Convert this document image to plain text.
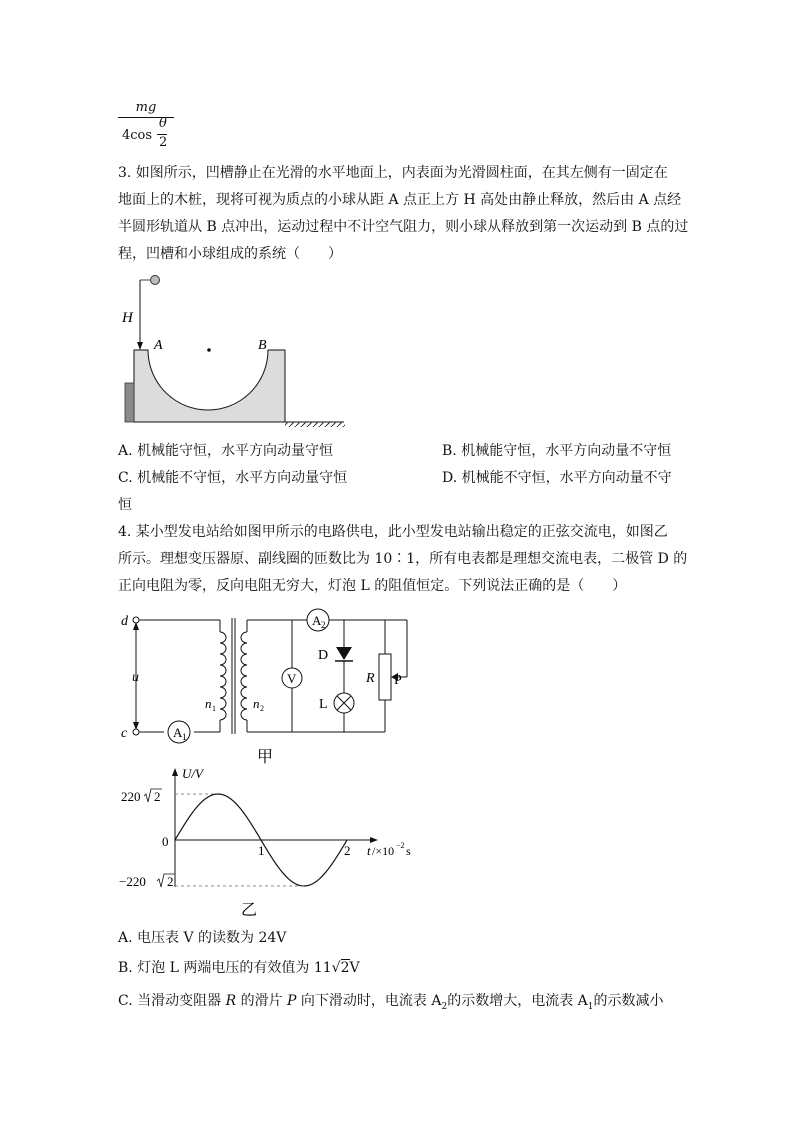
mg
4cos
θ
2
3. 如图所示，凹槽静止在光滑的水平地面上，内表面为光滑圆柱面，在其左侧有一固定在
地面上的木桩，现将可视为质点的小球从距 A 点正上方 H 高处由静止释放，然后由 A 点经
半圆形轨道从 B 点冲出，运动过程中不计空气阻力，则小球从释放到第一次运动到 B 点的过
程，凹槽和小球组成的系统（　　）
H
A	B
A. 机械能守恒，水平方向动量守恒	B. 机械能守恒，水平方向动量不守恒
C. 机械能不守恒，水平方向动量守恒	D. 机械能不守恒，水平方向动量不守
恒
4. 某小型发电站给如图甲所示的电路供电，此小型发电站输出稳定的正弦交流电，如图乙
所示。理想变压器原、副线圈的匝数比为 10∶1，所有电表都是理想交流电表，二极管 D 的
正向电阻为零，反向电阻无穷大，灯泡 L 的阻值恒定。下列说法正确的是（　　）
A 1
A 2
V
D
L
d
c
u
n 1	n 2
R P
甲
U/V
220 2
0
−220 2
1	2 t /×10 −2 s
乙
A. 电压表 V 的读数为 24V
B. 灯泡 L 两端电压的有效值为 11√2V
C. 当滑动变阻器 R 的滑片 P 向下滑动时，电流表 $A_2$的示数增大，电流表 $A_1$的示数减小
